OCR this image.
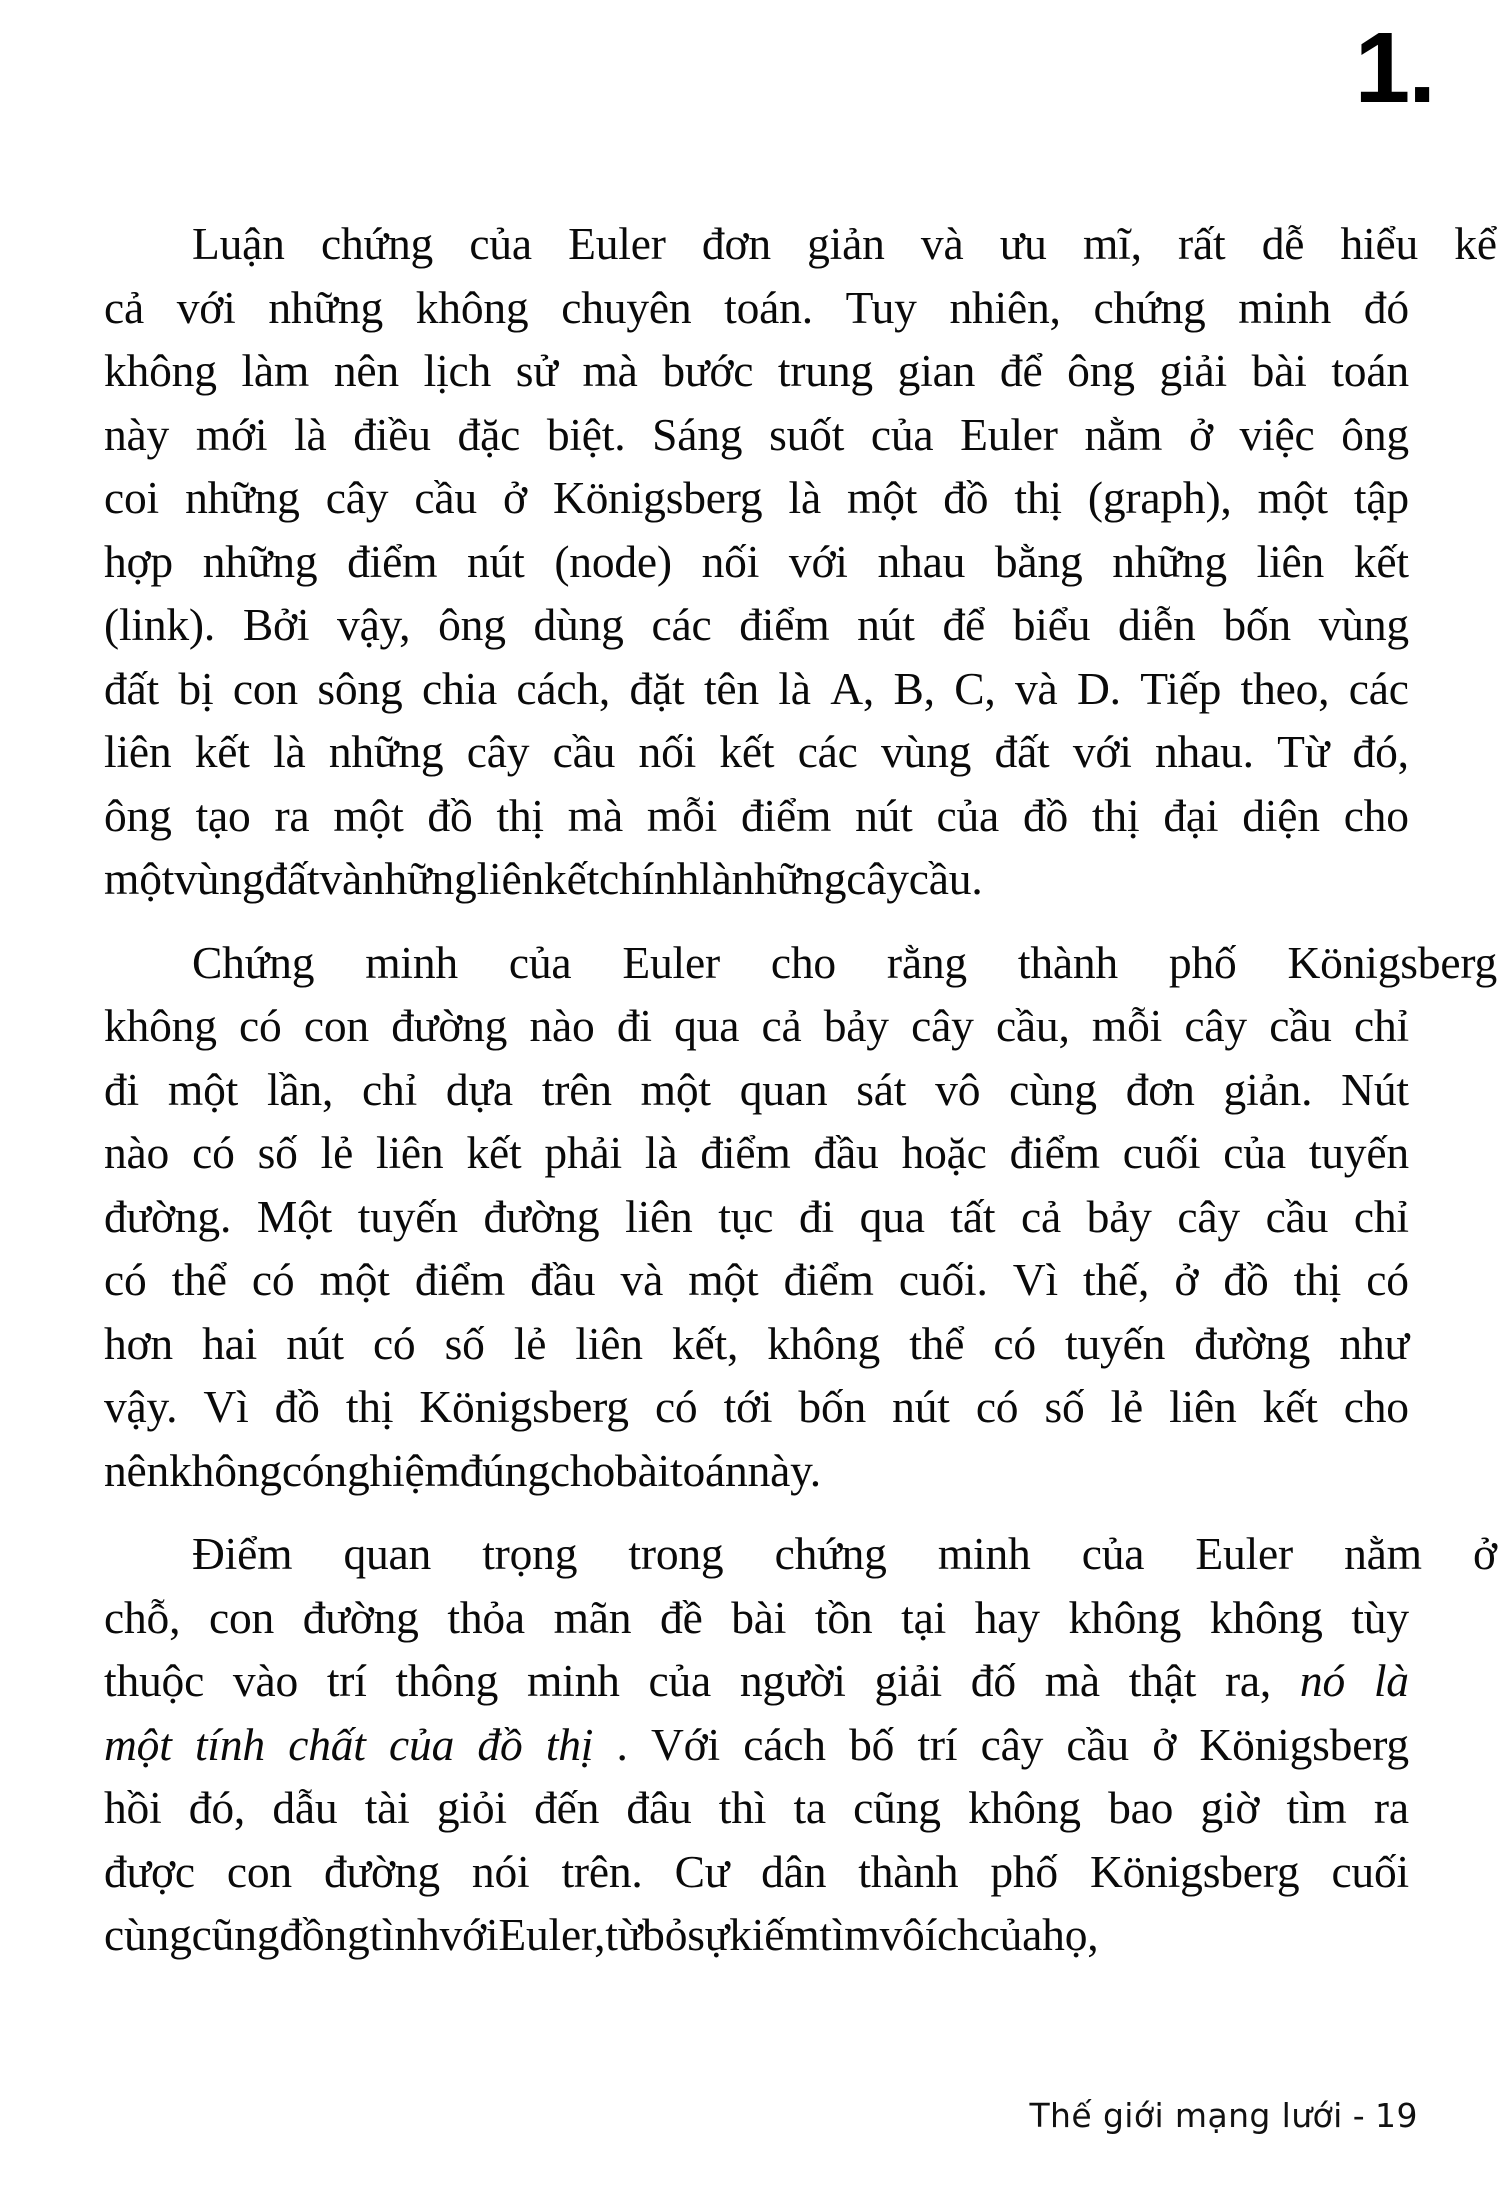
1.
Luận chứng của Euler đơn giản và ưu mĩ, rất dễ hiểu kể
cả với những không chuyên toán. Tuy nhiên, chứng minh đó
không làm nên lịch sử mà bước trung gian để ông giải bài toán
này mới là điều đặc biệt. Sáng suốt của Euler nằm ở việc ông
coi những cây cầu ở Königsberg là một đồ thị (graph), một tập
hợp những điểm nút (node) nối với nhau bằng những liên kết
(link). Bởi vậy, ông dùng các điểm nút để biểu diễn bốn vùng
đất bị con sông chia cách, đặt tên là A, B, C, và D. Tiếp theo, các
liên kết là những cây cầu nối kết các vùng đất với nhau. Từ đó,
ông tạo ra một đồ thị mà mỗi điểm nút của đồ thị đại diện cho
một vùng đất và những liên kết chính là những cây cầu.
Chứng minh của Euler cho rằng thành phố Königsberg
không có con đường nào đi qua cả bảy cây cầu, mỗi cây cầu chỉ
đi một lần, chỉ dựa trên một quan sát vô cùng đơn giản. Nút
nào có số lẻ liên kết phải là điểm đầu hoặc điểm cuối của tuyến
đường. Một tuyến đường liên tục đi qua tất cả bảy cây cầu chỉ
có thể có một điểm đầu và một điểm cuối. Vì thế, ở đồ thị có
hơn hai nút có số lẻ liên kết, không thể có tuyến đường như
vậy. Vì đồ thị Königsberg có tới bốn nút có số lẻ liên kết cho
nên không có nghiệm đúng cho bài toán này.
Điểm quan trọng trong chứng minh của Euler nằm ở
chỗ, con đường thỏa mãn đề bài tồn tại hay không không tùy
thuộc vào trí thông minh của người giải đố mà thật ra, nó là
một tính chất của đồ thị . Với cách bố trí cây cầu ở Königsberg
hồi đó, dẫu tài giỏi đến đâu thì ta cũng không bao giờ tìm ra
được con đường nói trên. Cư dân thành phố Königsberg cuối
cùng cũng đồng tình với Euler, từ bỏ sự kiếm tìm vô ích của họ,
Thế giới mạng lưới - 19
